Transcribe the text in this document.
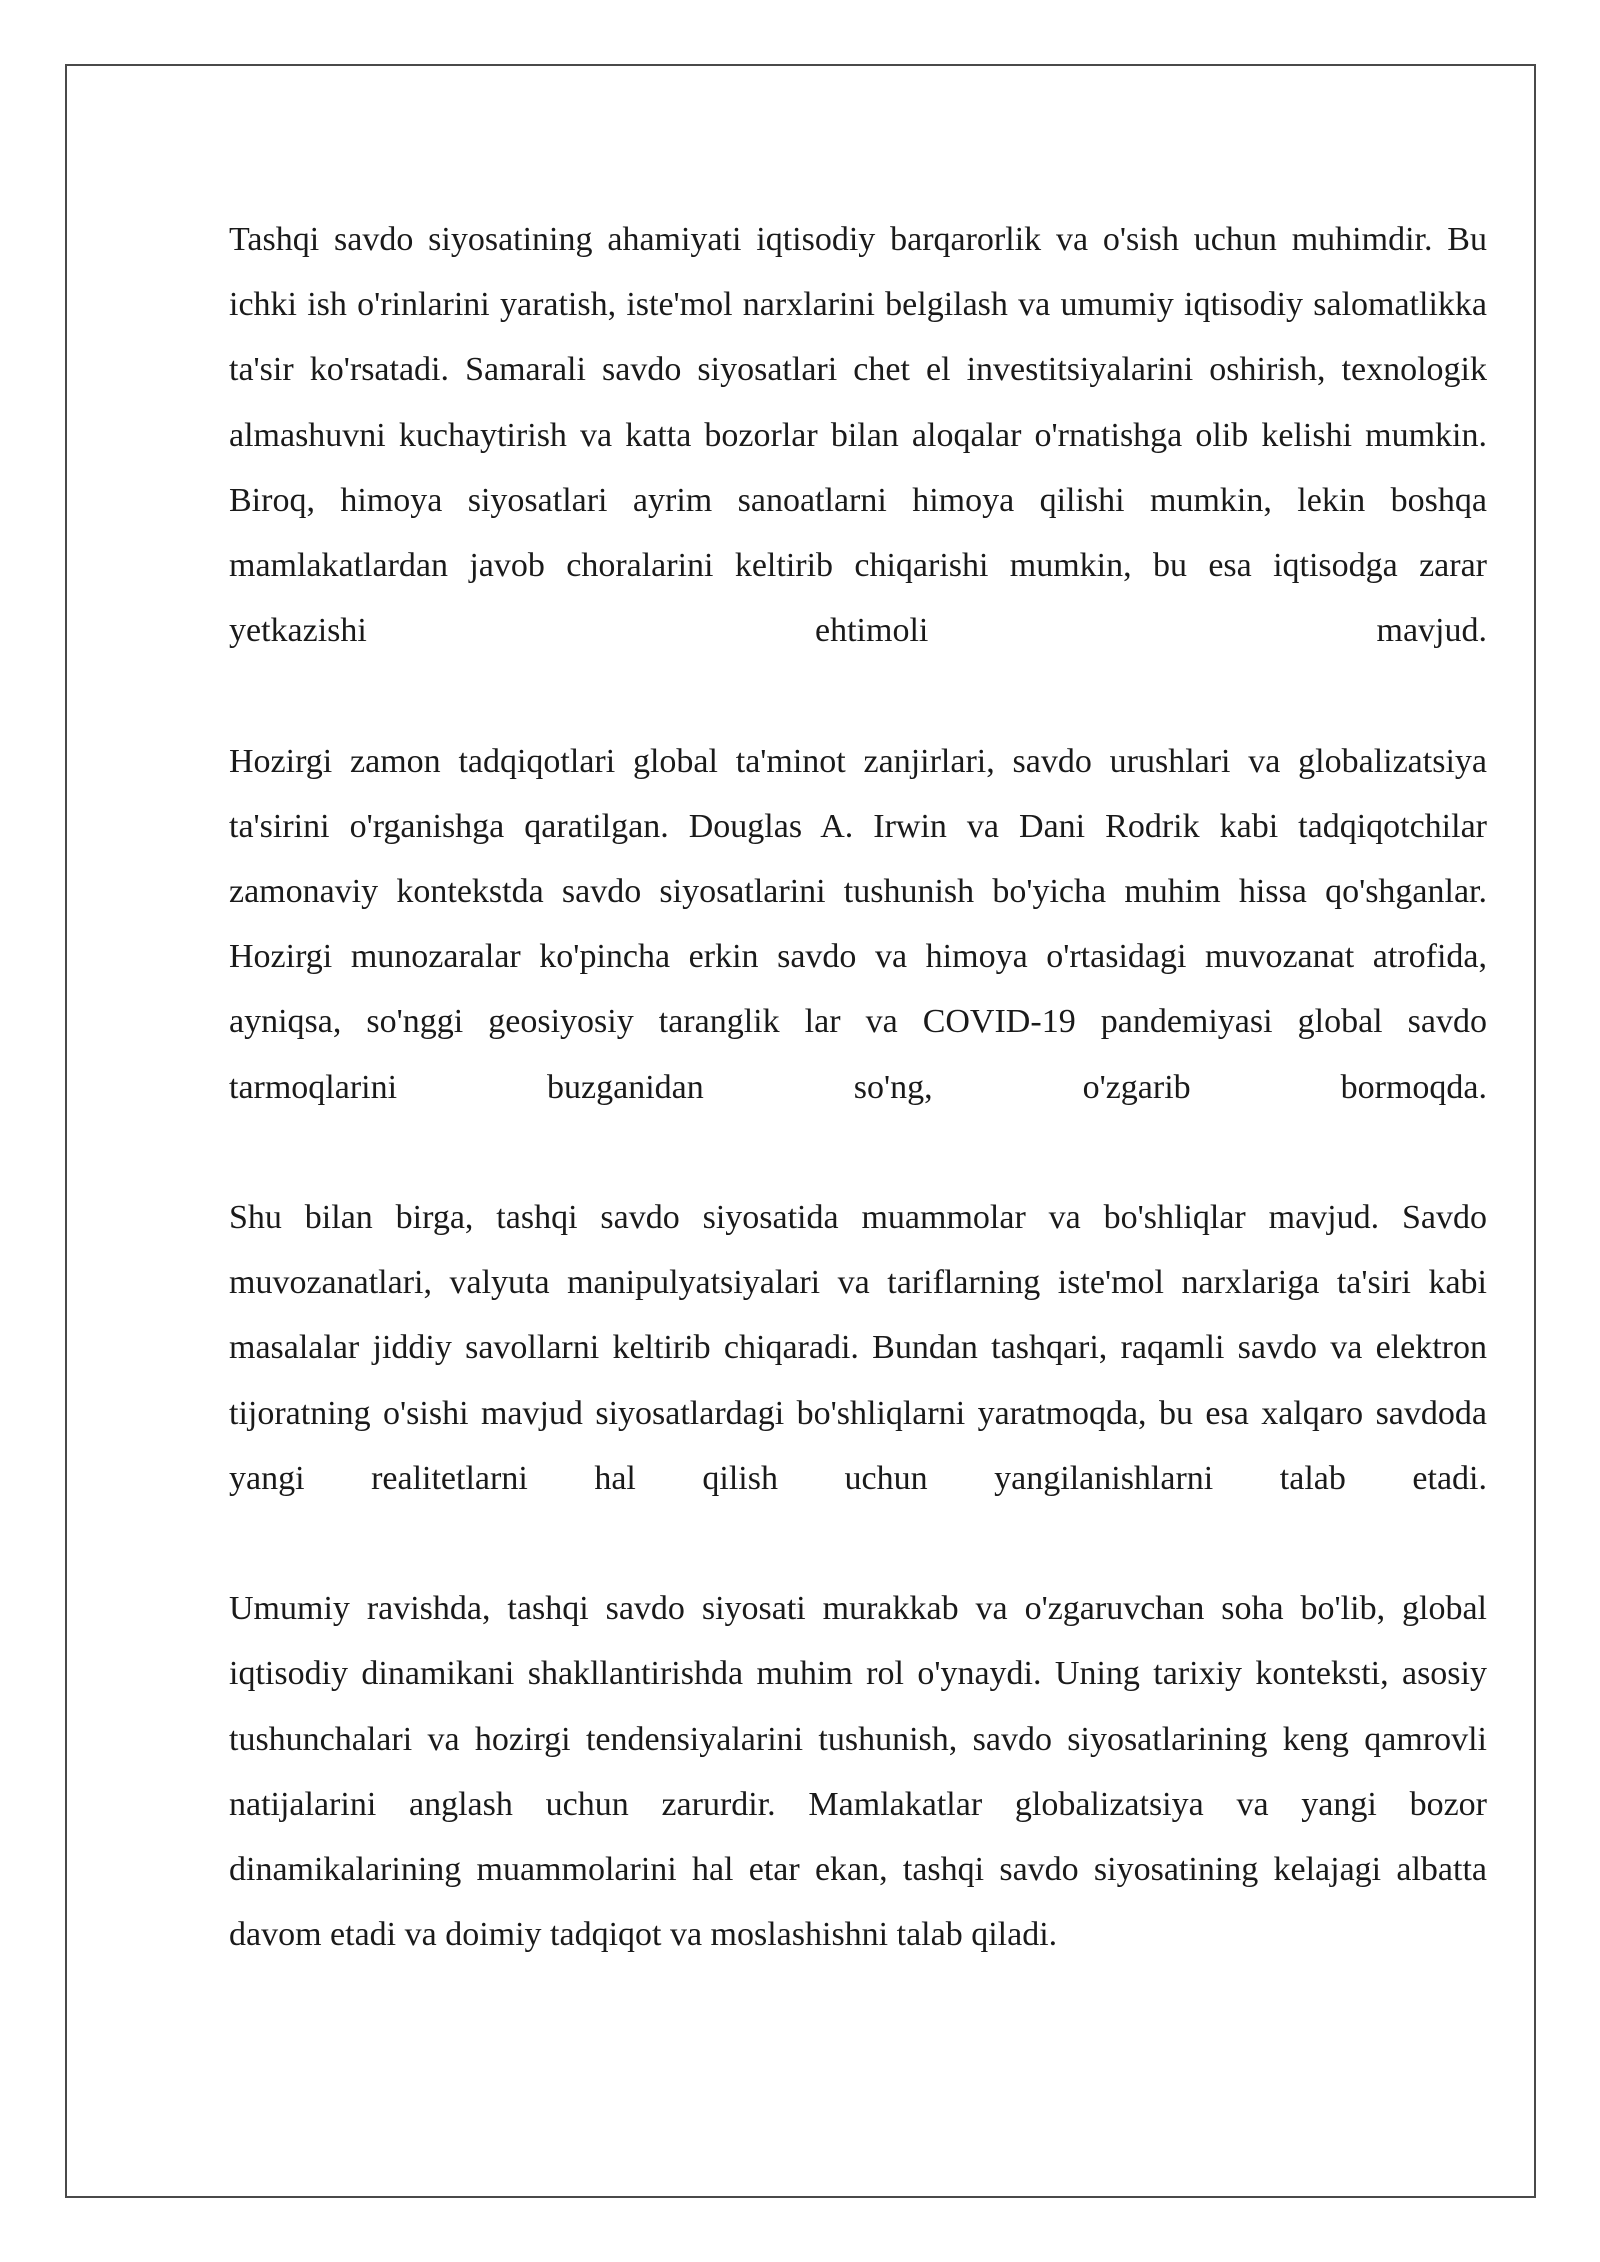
Tashqi savdo siyosatining ahamiyati iqtisodiy barqarorlik va o'sish uchun muhimdir. Bu ichki ish o'rinlarini yaratish, iste'mol narxlarini belgilash va umumiy iqtisodiy salomatlikka ta'sir ko'rsatadi. Samarali savdo siyosatlari chet el investitsiyalarini oshirish, texnologik almashuvni kuchaytirish va katta bozorlar bilan aloqalar o'rnatishga olib kelishi mumkin. Biroq, himoya siyosatlari ayrim sanoatlarni himoya qilishi mumkin, lekin boshqa mamlakatlardan javob choralarini keltirib chiqarishi mumkin, bu esa iqtisodga zarar yetkazishi ehtimoli mavjud.

Hozirgi zamon tadqiqotlari global ta'minot zanjirlari, savdo urushlari va globalizatsiya ta'sirini o'rganishga qaratilgan. Douglas A. Irwin va Dani Rodrik kabi tadqiqotchilar zamonaviy kontekstda savdo siyosatlarini tushunish bo'yicha muhim hissa qo'shganlar. Hozirgi munozaralar ko'pincha erkin savdo va himoya o'rtasidagi muvozanat atrofida, ayniqsa, so'nggi geosiyosiy taranglik lar va COVID-19 pandemiyasi global savdo tarmoqlarini buzganidan so'ng, o'zgarib bormoqda.

Shu bilan birga, tashqi savdo siyosatida muammolar va bo'shliqlar mavjud. Savdo muvozanatlari, valyuta manipulyatsiyalari va tariflarning iste'mol narxlariga ta'siri kabi masalalar jiddiy savollarni keltirib chiqaradi. Bundan tashqari, raqamli savdo va elektron tijoratning o'sishi mavjud siyosatlardagi bo'shliqlarni yaratmoqda, bu esa xalqaro savdoda yangi realitetlarni hal qilish uchun yangilanishlarni talab etadi.

Umumiy ravishda, tashqi savdo siyosati murakkab va o'zgaruvchan soha bo'lib, global iqtisodiy dinamikani shakllantirishda muhim rol o'ynaydi. Uning tarixiy konteksti, asosiy tushunchalari va hozirgi tendensiyalarini tushunish, savdo siyosatlarining keng qamrovli natijalarini anglash uchun zarurdir. Mamlakatlar globalizatsiya va yangi bozor dinamikalarining muammolarini hal etar ekan, tashqi savdo siyosatining kelajagi albatta davom etadi va doimiy tadqiqot va moslashishni talab qiladi.
